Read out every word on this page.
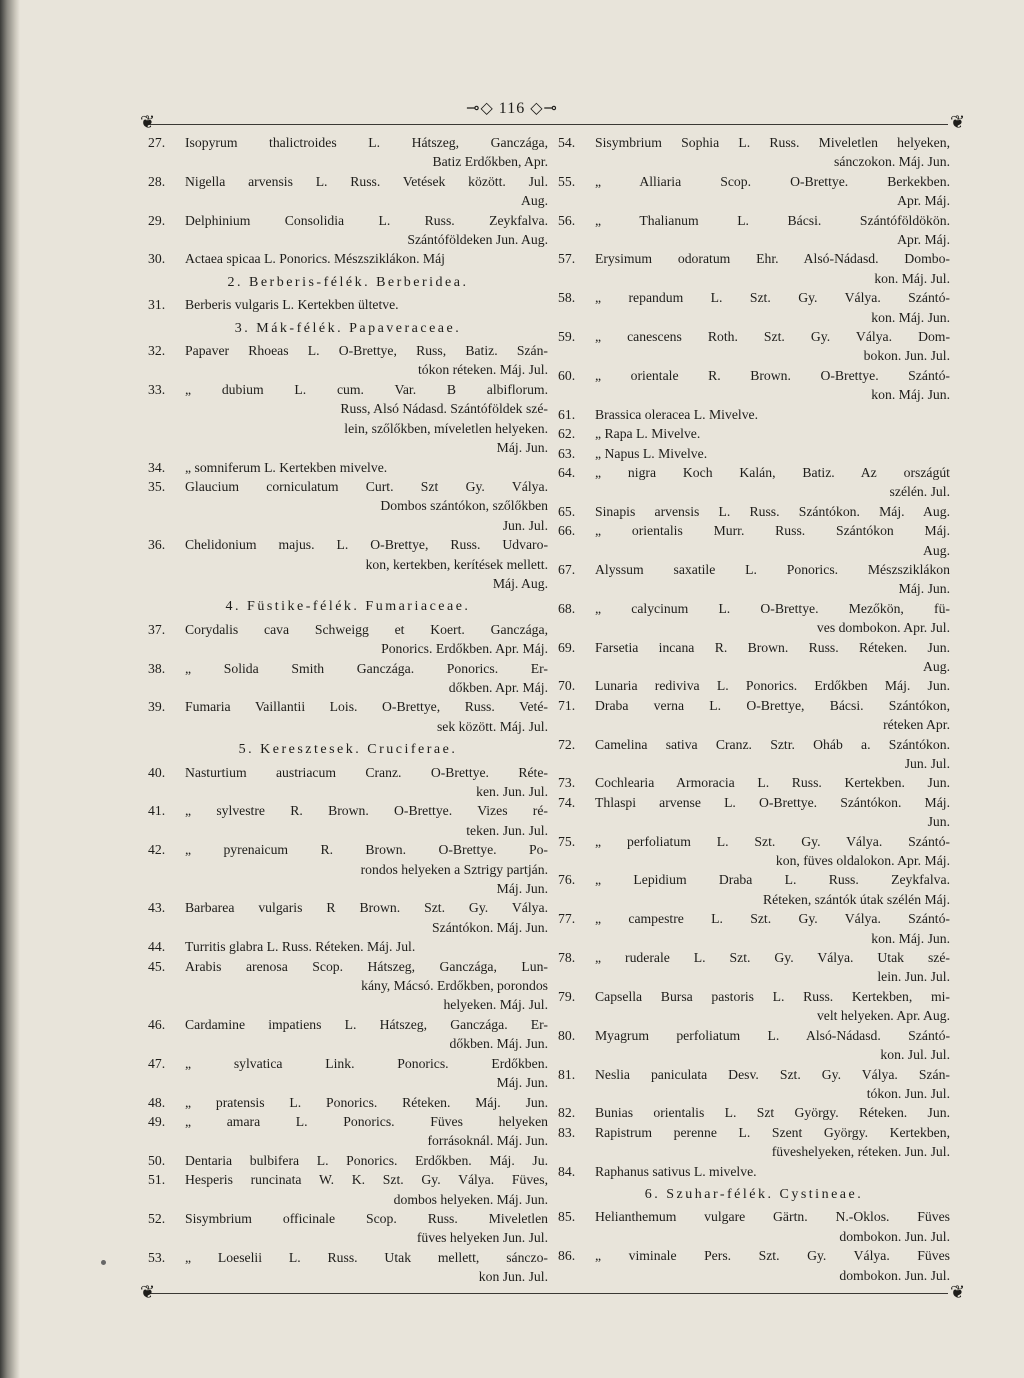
⊸◇ 116 ◇⊸
❦	❦
❦	❦
27.	Isopyrum thalictroides L. Hátszeg, Ganczága,
Batiz Erdőkben, Apr.
28.	Nigella arvensis L. Russ. Vetések között. Jul.
Aug.
29.	Delphinium Consolidia L. Russ. Zeykfalva.
Szántóföldeken Jun. Aug.
30.	Actaea spicaa L. Ponorics. Mészsziklákon. Máj
2. Berberis-félék. Berberidea.
31.	Berberis vulgaris L. Kertekben ültetve.
3. Mák-félék. Papaveraceae.
32.	Papaver Rhoeas L. O-Brettye, Russ, Batiz. Szán-
tókon réteken. Máj. Jul.
33.	„ dubium L. cum. Var. B albiflorum.
Russ, Alsó Nádasd. Szántóföldek szé-
lein, szőlőkben, míveletlen helyeken.
Máj. Jun.
34.	„ somniferum L. Kertekben mivelve.
35.	Glaucium corniculatum Curt. Szt Gy. Vályа.
Dombos szántókon, szőlőkben
Jun. Jul.
36.	Chelidonium majus. L. O-Brettye, Russ. Udvaro-
kon, kertekben, kerítések mellett.
Máj. Aug.
4. Füstike-félék. Fumariaceae.
37.	Corydalis cava Schweigg et Koert. Ganczága,
Ponorics. Erdőkben. Apr. Máj.
38.	„ Solida Smith Ganczága. Ponorics. Er-
dőkben. Apr. Máj.
39.	Fumaria Vaillantii Lois. O-Brettye, Russ. Veté-
sek között. Máj. Jul.
5. Keresztesek. Cruciferae.
40.	Nasturtium austriacum Cranz. O-Brettye. Réte-
ken. Jun. Jul.
41.	„ sylvestre R. Brown. O-Brettye. Vizes ré-
teken. Jun. Jul.
42.	„ pyrenaicum R. Brown. O-Brettye. Po-
rondos helyeken a Sztrigy partján.
Máj. Jun.
43.	Barbarea vulgaris R Brown. Szt. Gy. Vályа.
Szántókon. Máj. Jun.
44.	Turritis glabra L. Russ. Réteken. Máj. Jul.
45.	Arabis arenosa Scop. Hátszeg, Ganczága, Lun-
kány, Mácsó. Erdőkben, porondos
helyeken. Máj. Jul.
46.	Cardamine impatiens L. Hátszeg, Ganczága. Er-
dőkben. Máj. Jun.
47.	„ sylvatica Link. Ponorics. Erdőkben.
Máj. Jun.
48.	„ pratensis L. Ponorics. Réteken. Máj. Jun.
49.	„ amara L. Ponorics. Füves helyeken
forrásoknál. Máj. Jun.
50.	Dentaria bulbifera L. Ponorics. Erdőkben. Máj. Ju.
51.	Hesperis runcinata W. K. Szt. Gy. Vályа. Füves,
dombos helyeken. Máj. Jun.
52.	Sisymbrium officinale Scop. Russ. Miveletlen
füves helyeken Jun. Jul.
53.	„ Loeselii L. Russ. Utak mellett, sánczo-
kon Jun. Jul.
54.	Sisymbrium Sophia L. Russ. Miveletlen helyeken,
sánczokon. Máj. Jun.
55.	„ Alliaria Scop. O-Brettye. Berkekben.
Apr. Máj.
56.	„ Thalianum L. Bácsi. Szántóföldökön.
Apr. Máj.
57.	Erysimum odoratum Ehr. Alsó-Nádasd. Dombo-
kon. Máj. Jul.
58.	„ repandum L. Szt. Gy. Vályа. Szántó-
kon. Máj. Jun.
59.	„ canescens Roth. Szt. Gy. Vályа. Dom-
bokon. Jun. Jul.
60.	„ orientale R. Brown. O-Brettye. Szántó-
kon. Máj. Jun.
61.	Brassica oleracea L. Mivelve.
62.	„ Rapa L. Mivelve.
63.	„ Napus L. Mivelve.
64.	„ nigra Koch Kalán, Batiz. Az országút
szélén. Jul.
65.	Sinapis arvensis L. Russ. Szántókon. Máj. Aug.
66.	„ orientalis Murr. Russ. Szántókon Máj.
Aug.
67.	Alyssum saxatile L. Ponorics. Mészsziklákon
Máj. Jun.
68.	„ calycinum L. O-Brettye. Mezőkön, fü-
ves dombokon. Apr. Jul.
69.	Farsetia incana R. Brown. Russ. Réteken. Jun.
Aug.
70.	Lunaria rediviva L. Ponorics. Erdőkben Máj. Jun.
71.	Draba verna L. O-Brettye, Bácsi. Szántókon,
réteken Apr.
72.	Camelina sativa Cranz. Sztr. Oháb a. Szántókon.
Jun. Jul.
73.	Cochlearia Armoracia L. Russ. Kertekben. Jun.
74.	Thlaspi arvense L. O-Brettye. Szántókon. Máj.
Jun.
75.	„ perfoliatum L. Szt. Gy. Vályа. Szántó-
kon, füves oldalokon. Apr. Máj.
76.	„ Lepidium Draba L. Russ. Zeykfalva.
Réteken, szántók útak szélén Máj.
77.	„ campestre L. Szt. Gy. Vályа. Szántó-
kon. Máj. Jun.
78.	„ ruderale L. Szt. Gy. Vályа. Utak szé-
lein. Jun. Jul.
79.	Capsella Bursa pastoris L. Russ. Kertekben, mi-
velt helyeken. Apr. Aug.
80.	Myagrum perfoliatum L. Alsó-Nádasd. Szántó-
kon. Jul. Jul.
81.	Neslia paniculata Desv. Szt. Gy. Vályа. Szán-
tókon. Jun. Jul.
82.	Bunias orientalis L. Szt György. Réteken. Jun.
83.	Rapistrum perenne L. Szent György. Kertekben,
füveshelyeken, réteken. Jun. Jul.
84.	Raphanus sativus L. mivelve.
6. Szuhar-félék. Cystineae.
85.	Helianthemum vulgare Gärtn. N.-Oklos. Füves
dombokon. Jun. Jul.
86.	„ viminale Pers. Szt. Gy. Vályа. Füves
dombokon. Jun. Jul.
